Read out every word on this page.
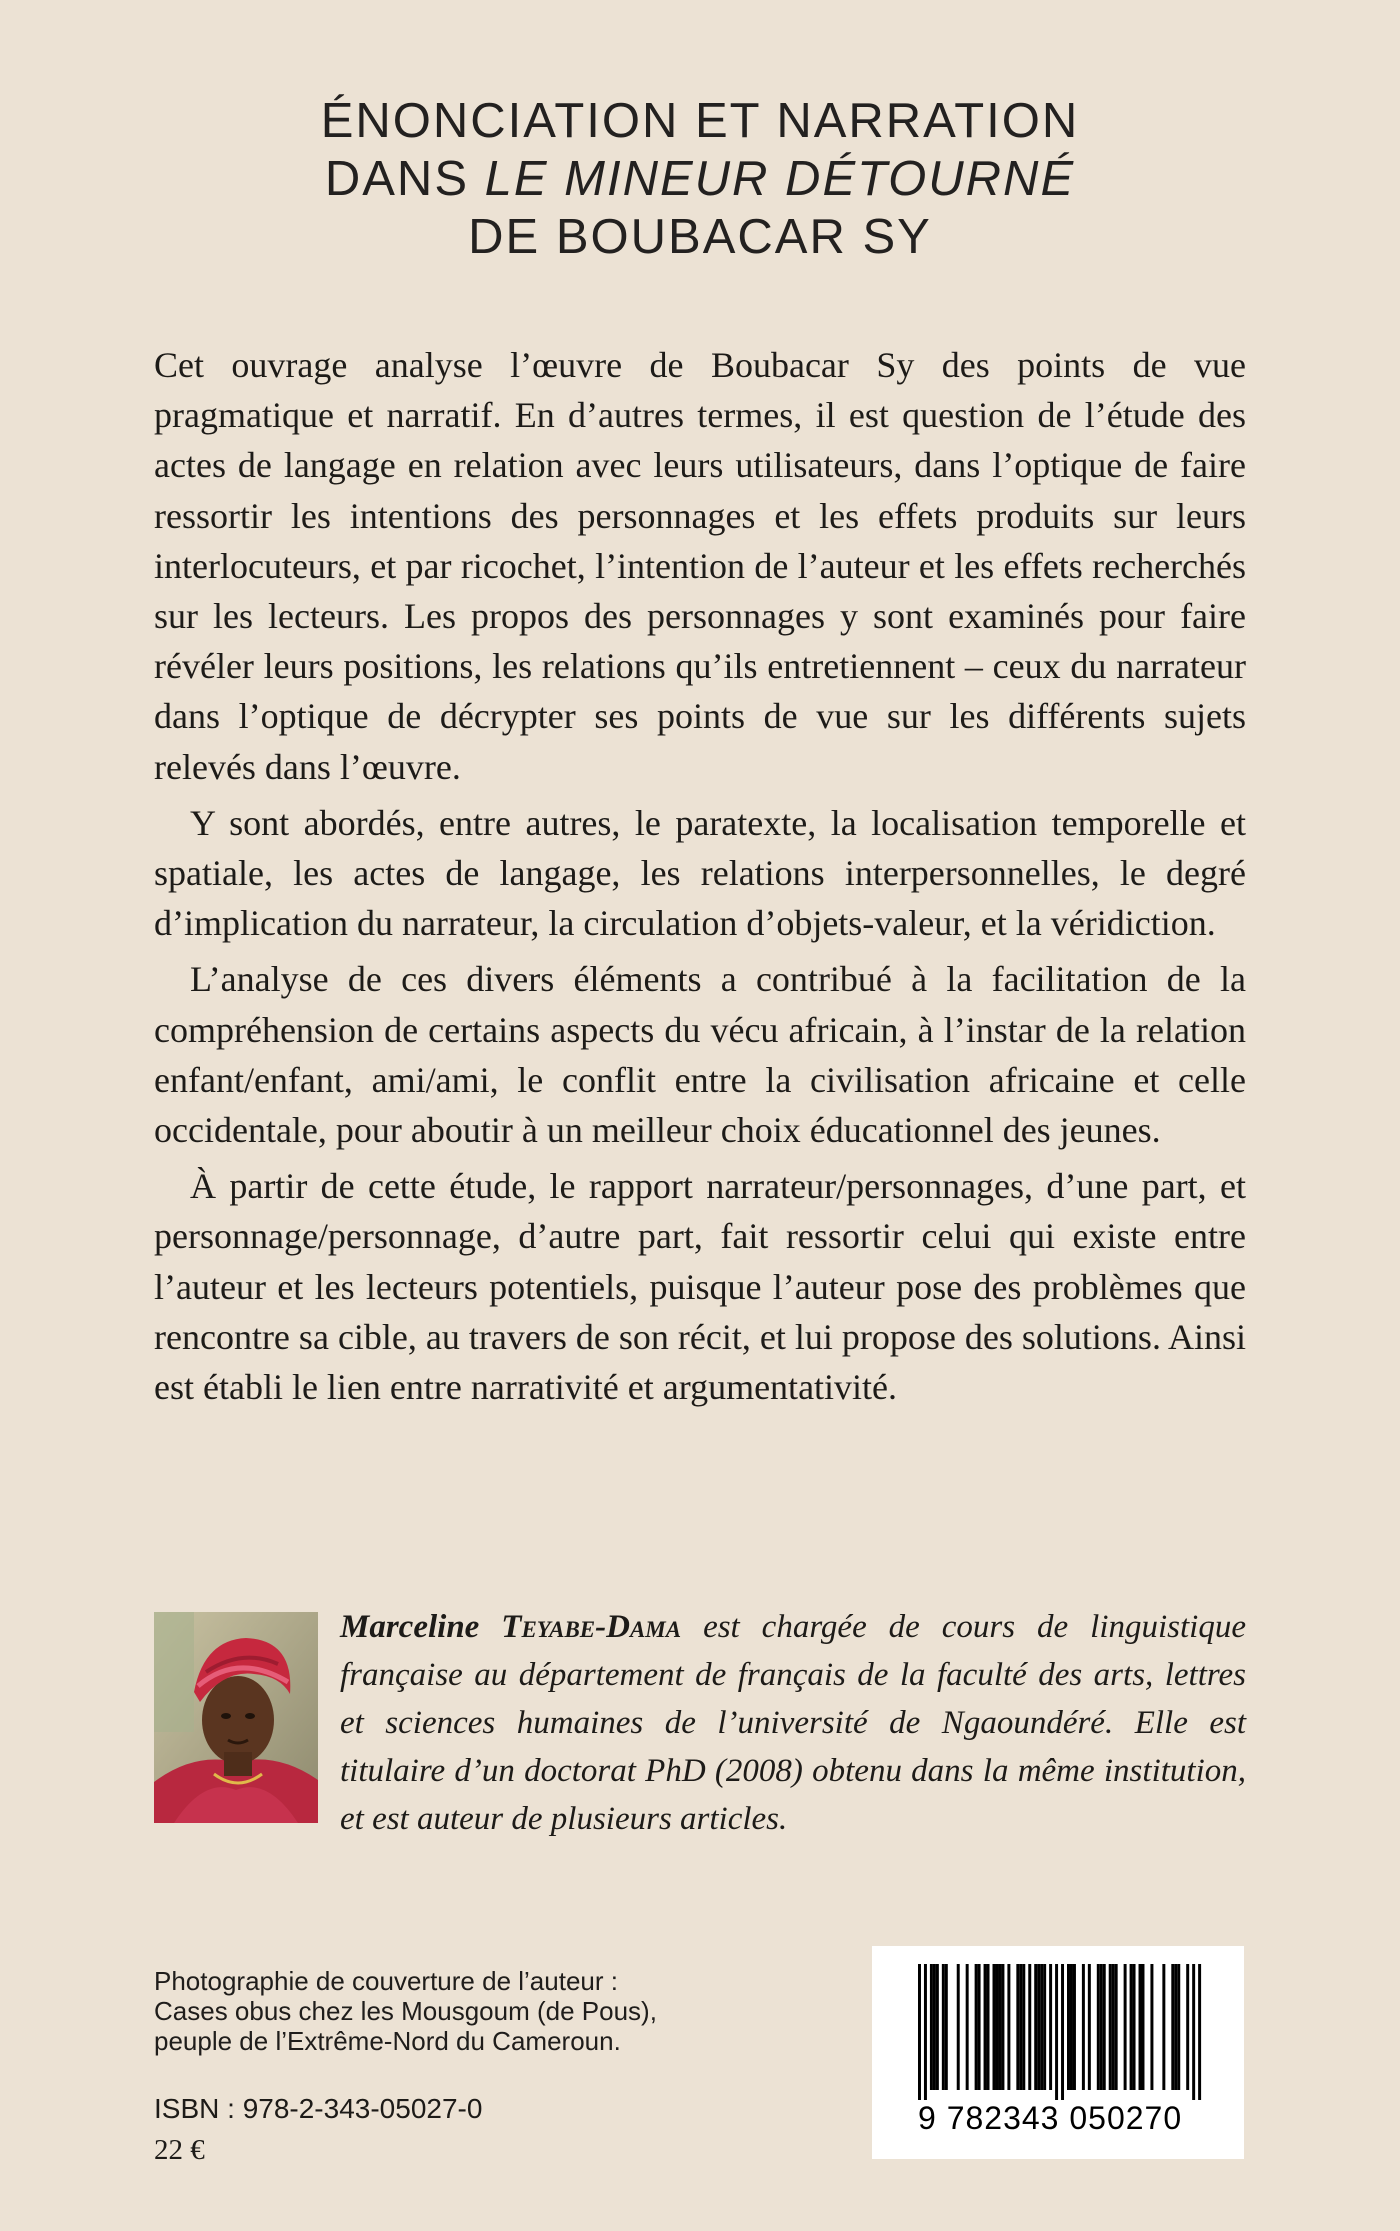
ÉNONCIATION ET NARRATION
DANS LE MINEUR DÉTOURNÉ
DE BOUBACAR SY

Cet ouvrage analyse l’œuvre de Boubacar Sy des points de vue pragmatique et narratif. En d’autres termes, il est question de l’étude des actes de langage en relation avec leurs utilisateurs, dans l’optique de faire ressortir les intentions des personnages et les effets produits sur leurs interlocuteurs, et par ricochet, l’intention de l’auteur et les effets recherchés sur les lecteurs. Les propos des personnages y sont examinés pour faire révéler leurs positions, les relations qu’ils entretiennent – ceux du narrateur dans l’optique de décrypter ses points de vue sur les différents sujets relevés dans l’œuvre.

Y sont abordés, entre autres, le paratexte, la localisation temporelle et spatiale, les actes de langage, les relations interpersonnelles, le degré d’implication du narrateur, la circulation d’objets-valeur, et la véridiction.

L’analyse de ces divers éléments a contribué à la facilitation de la compréhension de certains aspects du vécu africain, à l’instar de la relation enfant/enfant, ami/ami, le conflit entre la civilisation africaine et celle occidentale, pour aboutir à un meilleur choix éducationnel des jeunes.

À partir de cette étude, le rapport narrateur/personnages, d’une part, et personnage/personnage, d’autre part, fait ressortir celui qui existe entre l’auteur et les lecteurs potentiels, puisque l’auteur pose des problèmes que rencontre sa cible, au travers de son récit, et lui propose des solutions. Ainsi est établi le lien entre narrativité et argumentativité.

Marceline Teyabe-Dama est chargée de cours de linguistique française au département de français de la faculté des arts, lettres et sciences humaines de l’université de Ngaoundéré. Elle est titulaire d’un doctorat PhD (2008) obtenu dans la même institution, et est auteur de plusieurs articles.
Photographie de couverture de l’auteur :
Cases obus chez les Mousgoum (de Pous),
peuple de l’Extrême-Nord du Cameroun.
ISBN : 978-2-343-05027-0
22 €
9 782343 050270
